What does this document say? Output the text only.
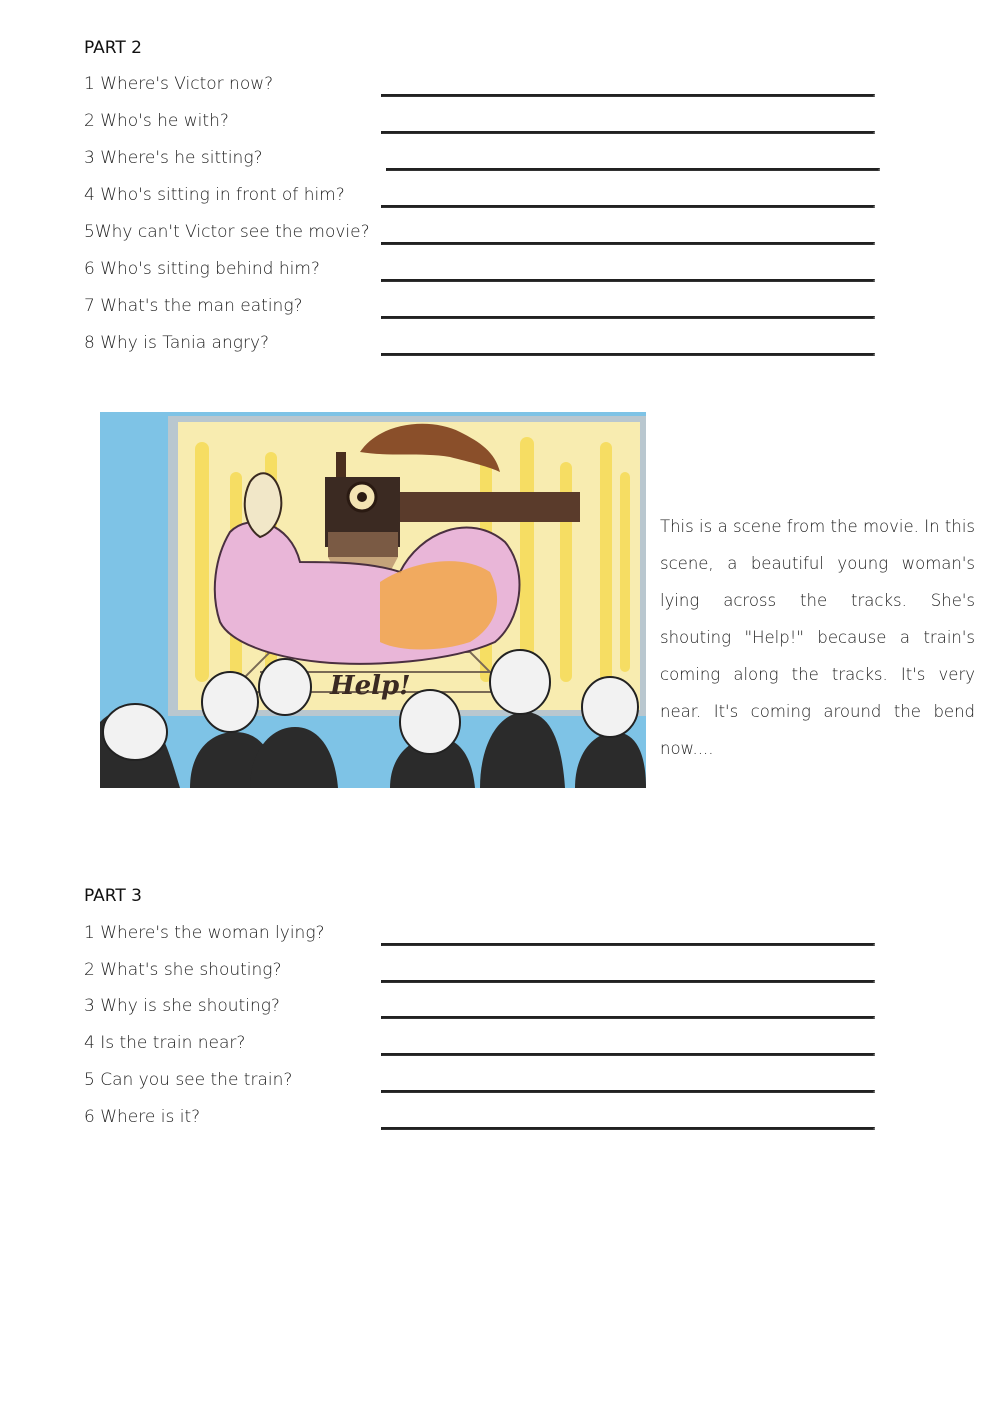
PART 2
1 Where's Victor now?
2 Who's he with?
3 Where's he sitting?
4 Who's sitting in front of him?
5Why can't Victor see the movie?
6 Who's sitting behind him?
7 What's the man eating?
8 Why is Tania angry?
Help!

This is a scene from the movie. In this scene, a beautiful young woman's lying across the tracks. She's shouting "Help!" because a train's coming along the tracks. It's very near. It's coming around the bend now....

PART 3
1 Where's the woman lying?
2 What's she shouting?
3 Why is she shouting?
4 Is the train near?
5 Can you see the train?
6 Where is it?
